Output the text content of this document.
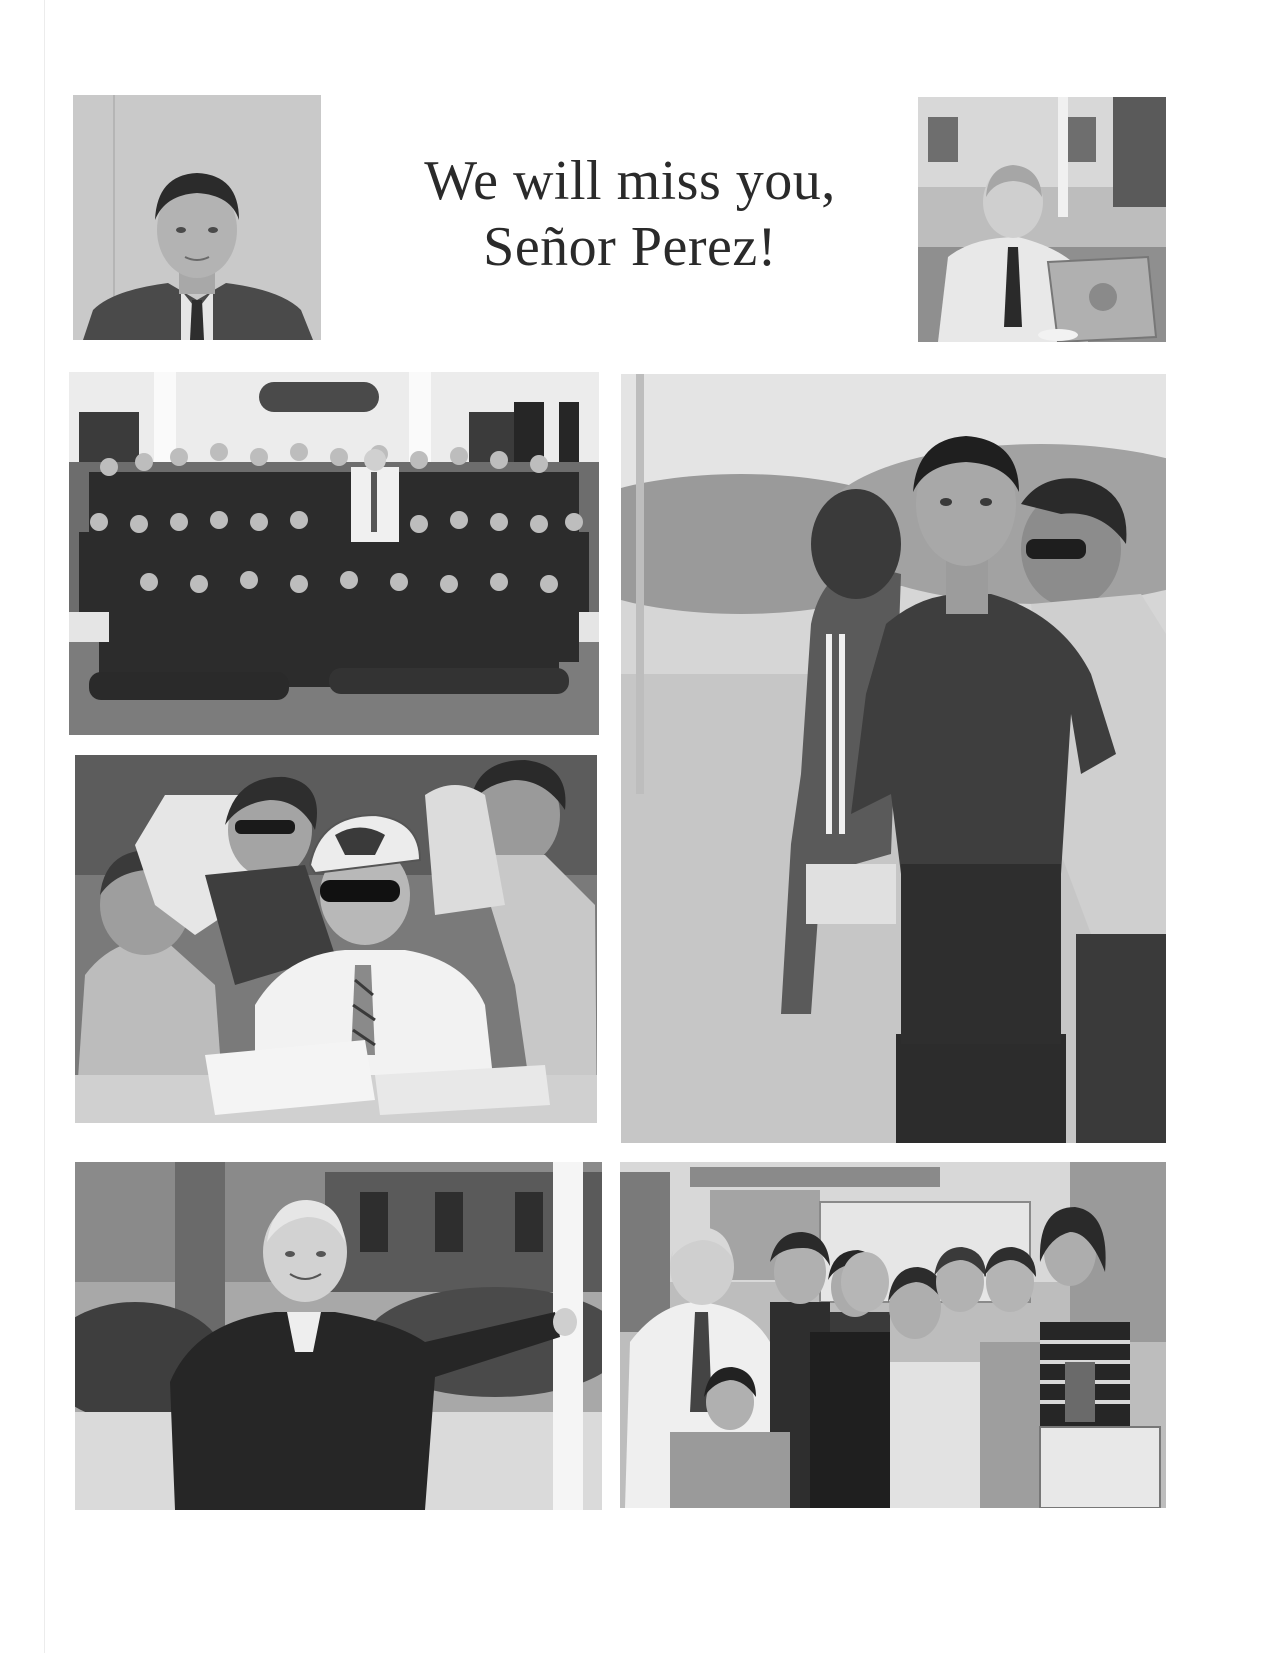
We will miss you,
Señor Perez!
